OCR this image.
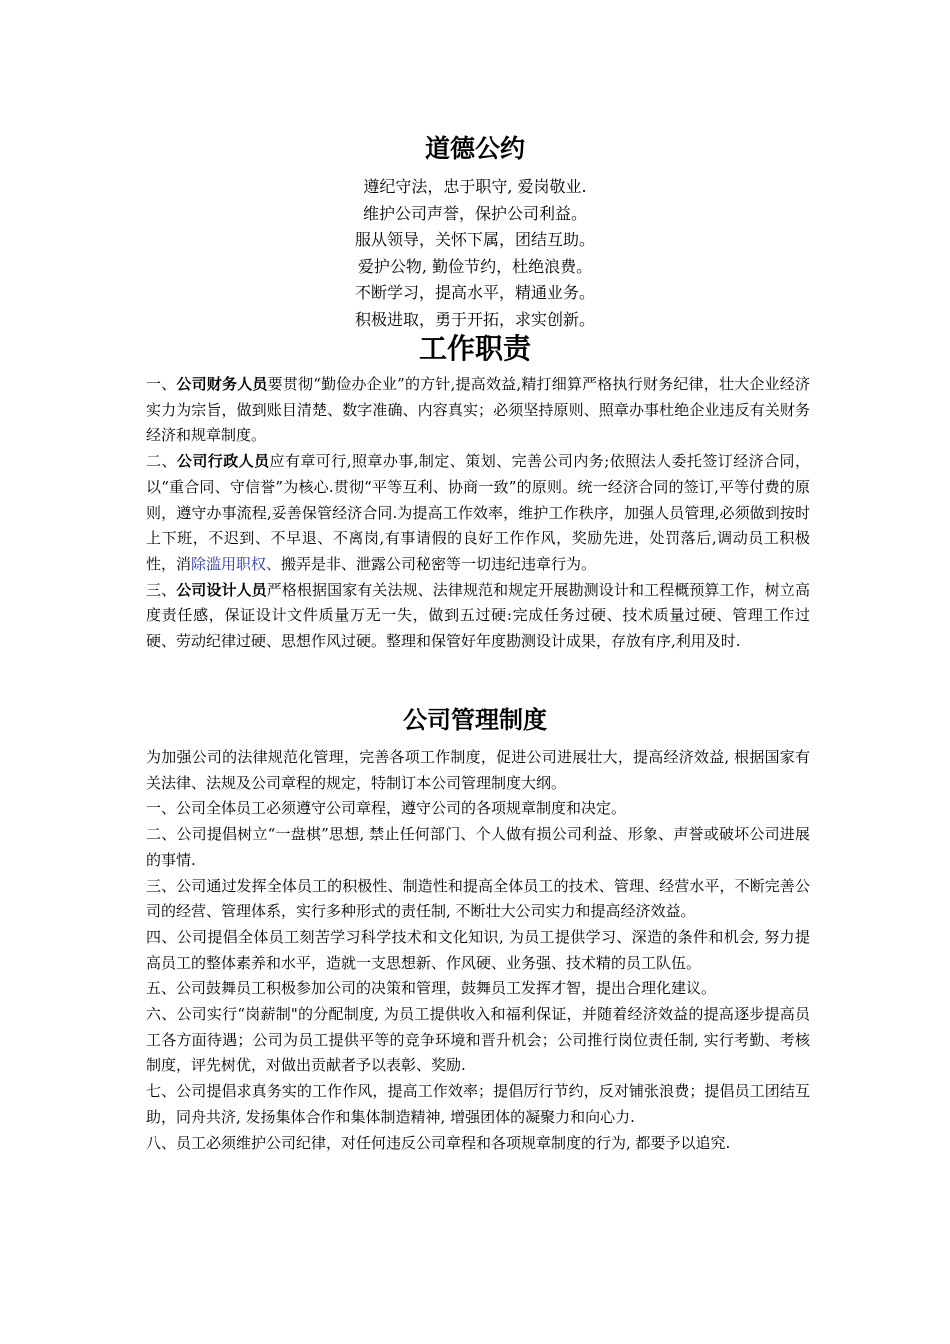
道德公约
遵纪守法，忠于职守, 爱岗敬业.
维护公司声誉，保护公司利益。
服从领导，关怀下属，团结互助。
爱护公物, 勤俭节约，杜绝浪费。
不断学习，提高水平，精通业务。
积极进取，勇于开拓，求实创新。
工作职责

一、公司财务人员要贯彻“勤俭办企业”的方针,提高效益,精打细算严格执行财务纪律，壮大企业经济实力为宗旨，做到账目清楚、数字准确、内容真实；必须坚持原则、照章办事杜绝企业违反有关财务经济和规章制度。

二、公司行政人员应有章可行,照章办事,制定、策划、完善公司内务;依照法人委托签订经济合同，以“重合同、守信誉”为核心.贯彻“平等互利、协商一致”的原则。统一经济合同的签订,平等付费的原则，遵守办事流程,妥善保管经济合同.为提高工作效率，维护工作秩序，加强人员管理,必须做到按时上下班，不迟到、不早退、不离岗,有事请假的良好工作作风，奖励先进，处罚落后,调动员工积极性，消除滥用职权、搬弄是非、泄露公司秘密等一切违纪违章行为。

三、公司设计人员严格根据国家有关法规、法律规范和规定开展勘测设计和工程概预算工作，树立高度责任感，保证设计文件质量万无一失，做到五过硬:完成任务过硬、技术质量过硬、管理工作过硬、劳动纪律过硬、思想作风过硬。整理和保管好年度勘测设计成果，存放有序,利用及时.

公司管理制度

为加强公司的法律规范化管理，完善各项工作制度，促进公司进展壮大，提高经济效益, 根据国家有关法律、法规及公司章程的规定，特制订本公司管理制度大纲。

一、公司全体员工必须遵守公司章程，遵守公司的各项规章制度和决定。

二、公司提倡树立“一盘棋”思想, 禁止任何部门、个人做有损公司利益、形象、声誉或破坏公司进展的事情.

三、公司通过发挥全体员工的积极性、制造性和提高全体员工的技术、管理、经营水平，不断完善公司的经营、管理体系，实行多种形式的责任制, 不断壮大公司实力和提高经济效益。

四、公司提倡全体员工刻苦学习科学技术和文化知识, 为员工提供学习、深造的条件和机会, 努力提高员工的整体素养和水平，造就一支思想新、作风硬、业务强、技术精的员工队伍。

五、公司鼓舞员工积极参加公司的决策和管理，鼓舞员工发挥才智，提出合理化建议。

六、公司实行“岗薪制"的分配制度, 为员工提供收入和福利保证，并随着经济效益的提高逐步提高员工各方面待遇；公司为员工提供平等的竞争环境和晋升机会；公司推行岗位责任制, 实行考勤、考核制度，评先树优，对做出贡献者予以表彰、奖励.

七、公司提倡求真务实的工作作风，提高工作效率；提倡厉行节约，反对铺张浪费；提倡员工团结互助，同舟共济, 发扬集体合作和集体制造精神, 增强团体的凝聚力和向心力.

八、员工必须维护公司纪律，对任何违反公司章程和各项规章制度的行为, 都要予以追究.
